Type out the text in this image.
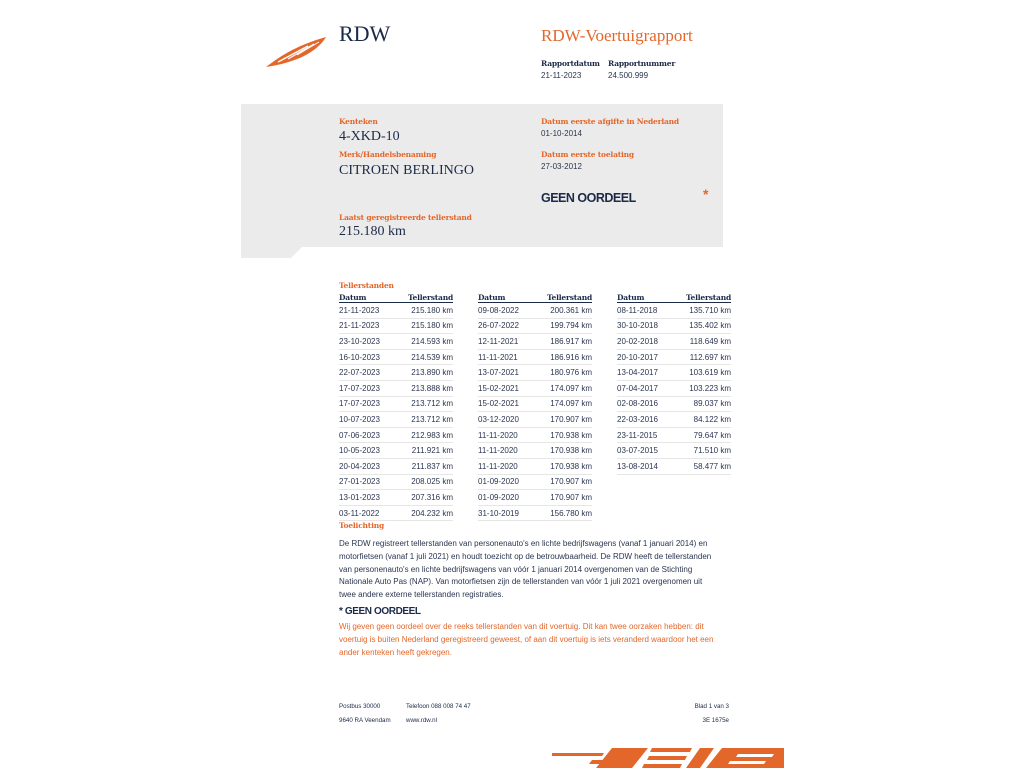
RDW	RDW-Voertuigrapport
Rapportdatum
21-11-2023
Rapportnummer
24.500.999
Kenteken
4-XKD-10
Merk/Handelsbenaming
CITROEN BERLINGO
Datum eerste afgifte in Nederland
01-10-2014
Datum eerste toelating
27-03-2012
GEEN OORDEEL	*
Laatst geregistreerde tellerstand
215.180 km
Tellerstanden
Datum	Tellerstand
21-11-2023	215.180 km
21-11-2023	215.180 km
23-10-2023	214.593 km
16-10-2023	214.539 km
22-07-2023	213.890 km
17-07-2023	213.888 km
17-07-2023	213.712 km
10-07-2023	213.712 km
07-06-2023	212.983 km
10-05-2023	211.921 km
20-04-2023	211.837 km
27-01-2023	208.025 km
13-01-2023	207.316 km
03-11-2022	204.232 km
Datum	Tellerstand
09-08-2022	200.361 km
26-07-2022	199.794 km
12-11-2021	186.917 km
11-11-2021	186.916 km
13-07-2021	180.976 km
15-02-2021	174.097 km
15-02-2021	174.097 km
03-12-2020	170.907 km
11-11-2020	170.938 km
11-11-2020	170.938 km
11-11-2020	170.938 km
01-09-2020	170.907 km
01-09-2020	170.907 km
31-10-2019	156.780 km
Datum	Tellerstand
08-11-2018	135.710 km
30-10-2018	135.402 km
20-02-2018	118.649 km
20-10-2017	112.697 km
13-04-2017	103.619 km
07-04-2017	103.223 km
02-08-2016	89.037 km
22-03-2016	84.122 km
23-11-2015	79.647 km
03-07-2015	71.510 km
13-08-2014	58.477 km
Toelichting
De RDW registreert tellerstanden van personenauto's en lichte bedrijfswagens (vanaf 1 januari 2014) en
motorfietsen (vanaf 1 juli 2021) en houdt toezicht op de betrouwbaarheid. De RDW heeft de tellerstanden
van personenauto's en lichte bedrijfswagens van vóór 1 januari 2014 overgenomen van de Stichting
Nationale Auto Pas (NAP). Van motorfietsen zijn de tellerstanden van vóór 1 juli 2021 overgenomen uit
twee andere externe tellerstanden registraties.
* GEEN OORDEEL
Wij geven geen oordeel over de reeks tellerstanden van dit voertuig. Dit kan twee oorzaken hebben: dit
voertuig is buiten Nederland geregistreerd geweest, of aan dit voertuig is iets veranderd waardoor het een
ander kenteken heeft gekregen.
Postbus 30000
9640 RA Veendam
Telefoon 088 008 74 47
www.rdw.nl
Blad 1 van 3
3E 1675e
